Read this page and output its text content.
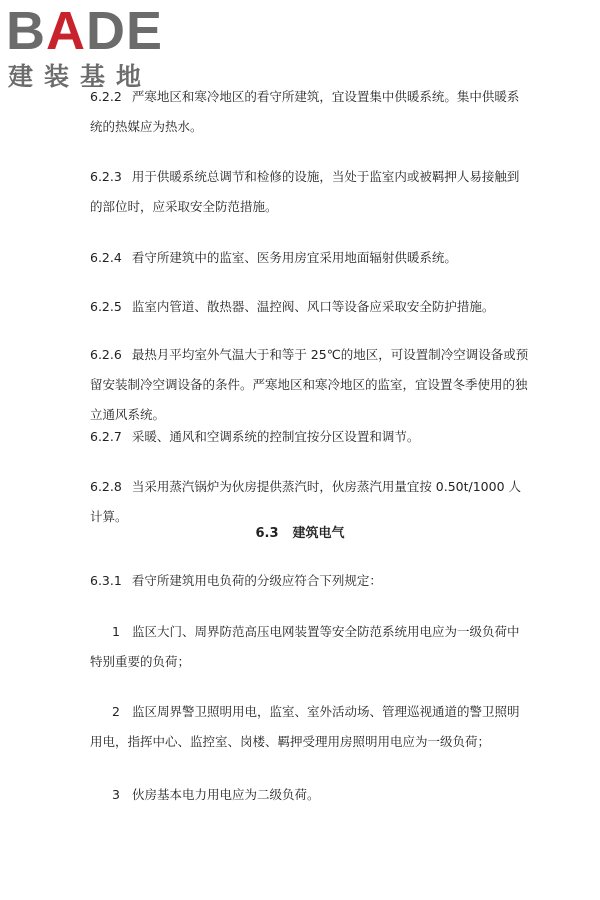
BADE
建装基地
6.2.2 严寒地区和寒冷地区的看守所建筑，宜设置集中供暖系统。集中供暖系统的热媒应为热水。
6.2.3 用于供暖系统总调节和检修的设施，当处于监室内或被羁押人易接触到的部位时，应采取安全防范措施。
6.2.4 看守所建筑中的监室、医务用房宜采用地面辐射供暖系统。
6.2.5 监室内管道、散热器、温控阀、风口等设备应采取安全防护措施。
6.2.6 最热月平均室外气温大于和等于 25℃的地区，可设置制冷空调设备或预留安装制冷空调设备的条件。严寒地区和寒冷地区的监室，宜设置冬季使用的独立通风系统。
6.2.7 采暖、通风和空调系统的控制宜按分区设置和调节。
6.2.8 当采用蒸汽锅炉为伙房提供蒸汽时，伙房蒸汽用量宜按 0.50t/1000 人计算。
6.3 建筑电气
6.3.1 看守所建筑用电负荷的分级应符合下列规定：
1 监区大门、周界防范高压电网装置等安全防范系统用电应为一级负荷中特别重要的负荷；
2 监区周界警卫照明用电，监室、室外活动场、管理巡视通道的警卫照明用电，指挥中心、监控室、岗楼、羁押受理用房照明用电应为一级负荷；
3 伙房基本电力用电应为二级负荷。
